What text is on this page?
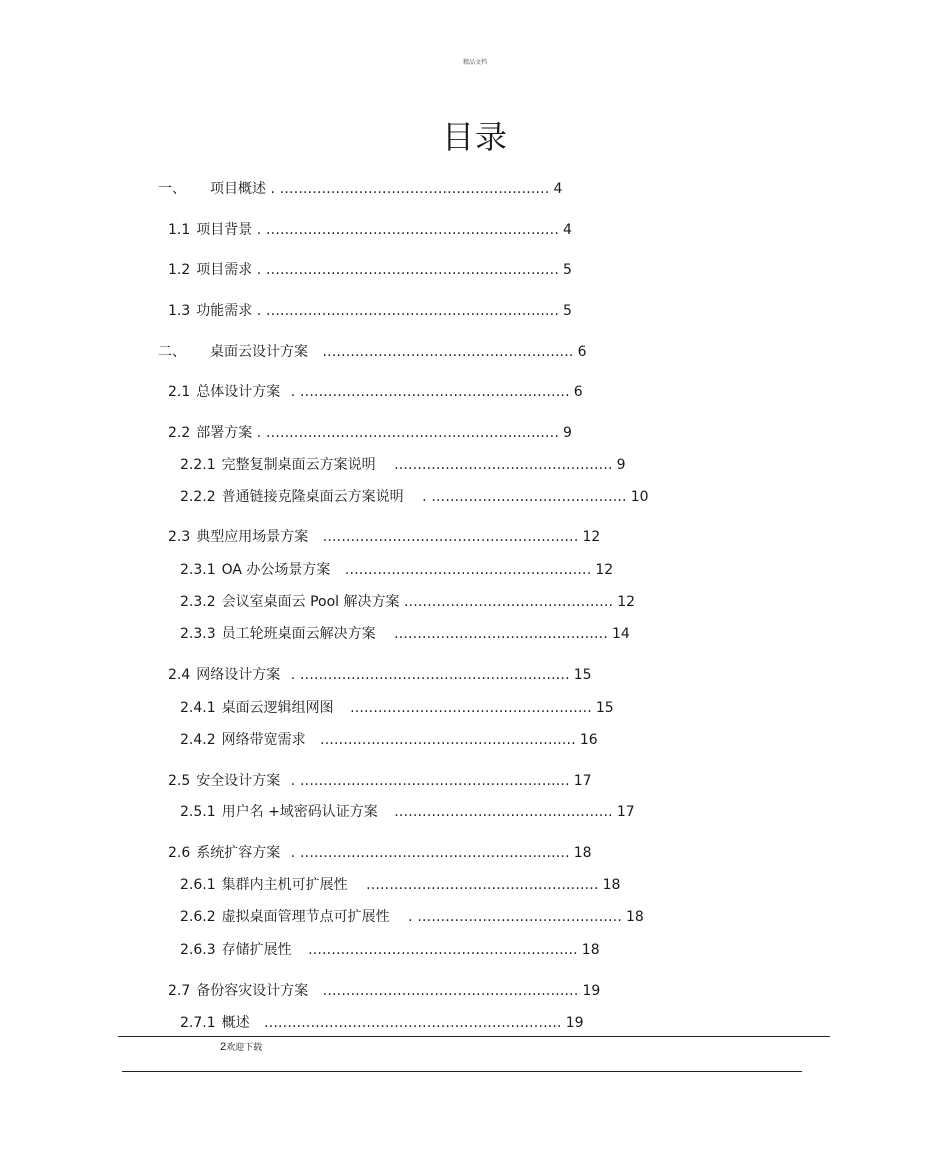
精品文档
目录
一、 项目概述 . .......................................................... 4
1.1 项目背景 . ............................................................... 4
1.2 项目需求 . ............................................................... 5
1.3 功能需求 . ............................................................... 5
二、 桌面云设计方案 ...................................................... 6
2.1 总体设计方案 . .......................................................... 6
2.2 部署方案 . ............................................................... 9
2.2.1 完整复制桌面云方案说明 ............................................... 9
2.2.2 普通链接克隆桌面云方案说明 . .......................................... 10
2.3 典型应用场景方案 ....................................................... 12
2.3.1 OA 办公场景方案 ..................................................... 12
2.3.2 会议室桌面云 Pool 解决方案 ............................................. 12
2.3.3 员工轮班桌面云解决方案 .............................................. 14
2.4 网络设计方案 . .......................................................... 15
2.4.1 桌面云逻辑组网图 .................................................... 15
2.4.2 网络带宽需求 ....................................................... 16
2.5 安全设计方案 . .......................................................... 17
2.5.1 用户名 +域密码认证方案 ............................................... 17
2.6 系统扩容方案 . .......................................................... 18
2.6.1 集群内主机可扩展性 .................................................. 18
2.6.2 虚拟桌面管理节点可扩展性 . ............................................ 18
2.6.3 存储扩展性 .......................................................... 18
2.7 备份容灾设计方案 ....................................................... 19
2.7.1 概述 ................................................................ 19
2欢迎下载
